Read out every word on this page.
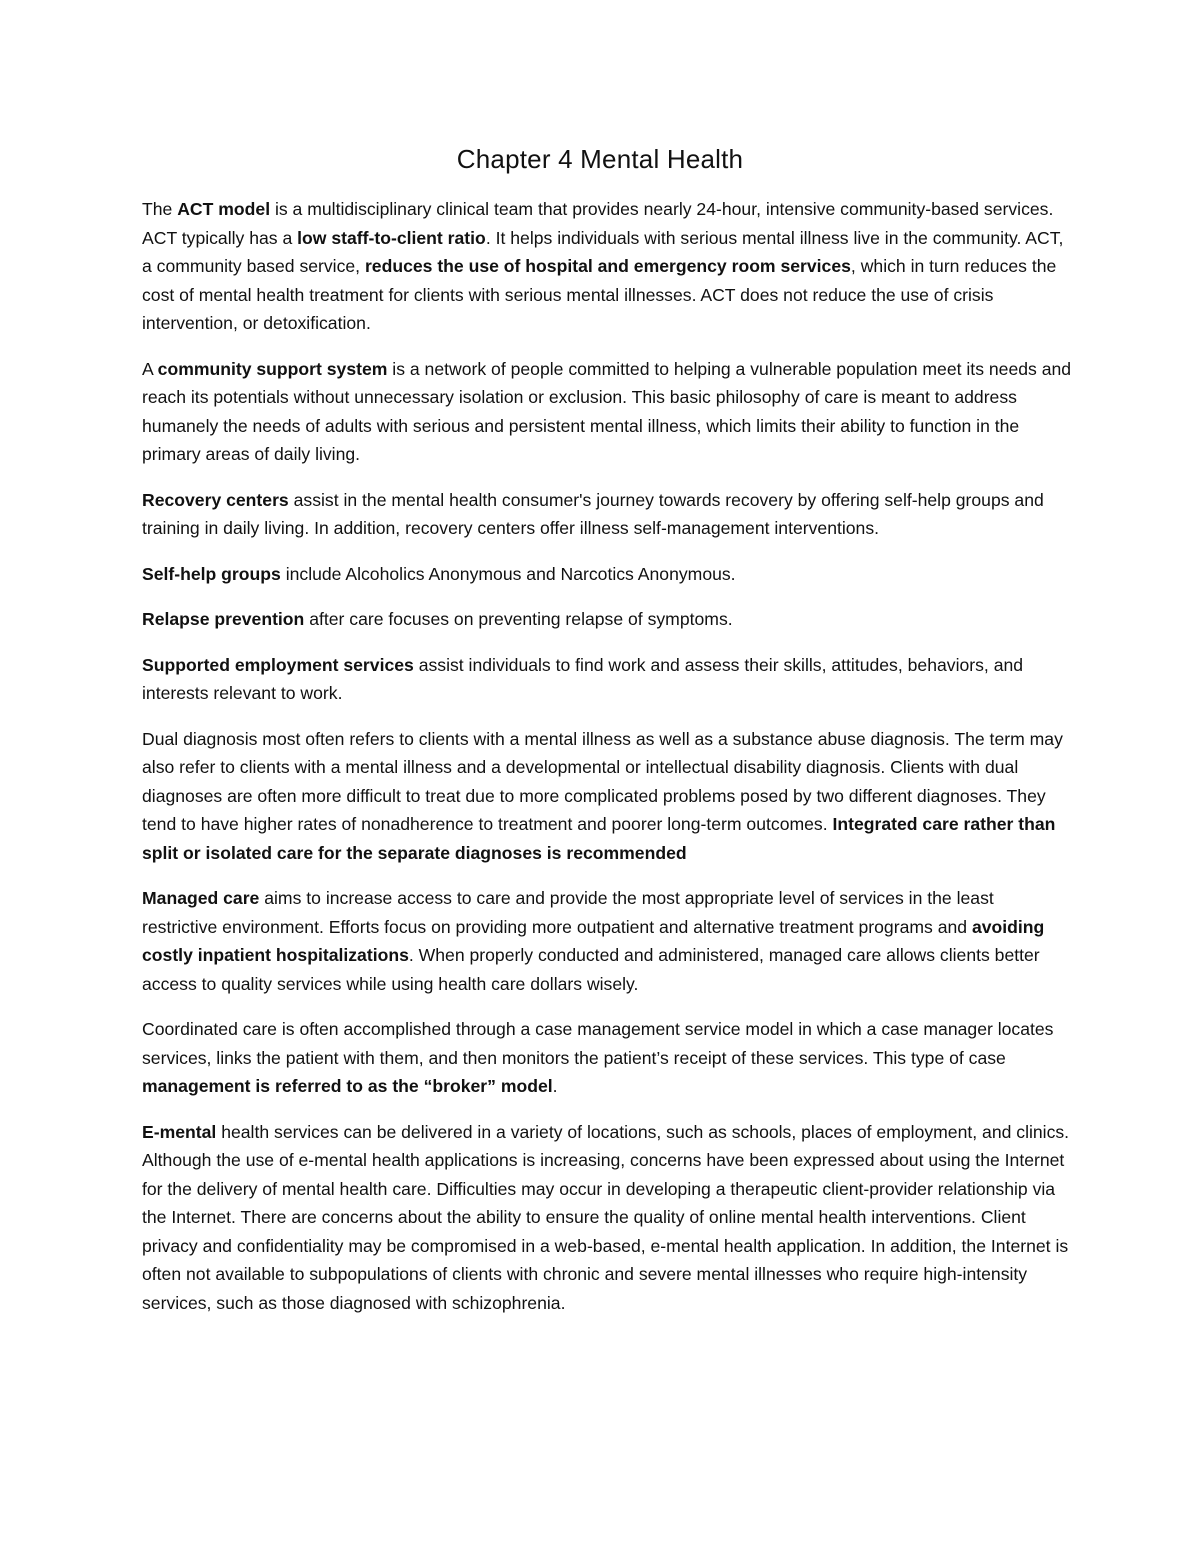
Chapter 4 Mental Health

The ACT model is a multidisciplinary clinical team that provides nearly 24-hour, intensive community-based services. ACT typically has a low staff-to-client ratio. It helps individuals with serious mental illness live in the community. ACT, a community based service, reduces the use of hospital and emergency room services, which in turn reduces the cost of mental health treatment for clients with serious mental illnesses. ACT does not reduce the use of crisis intervention, or detoxification.

A community support system is a network of people committed to helping a vulnerable population meet its needs and reach its potentials without unnecessary isolation or exclusion. This basic philosophy of care is meant to address humanely the needs of adults with serious and persistent mental illness, which limits their ability to function in the primary areas of daily living.

Recovery centers assist in the mental health consumer's journey towards recovery by offering self-help groups and training in daily living. In addition, recovery centers offer illness self-management interventions.

Self-help groups include Alcoholics Anonymous and Narcotics Anonymous.

Relapse prevention after care focuses on preventing relapse of symptoms.

Supported employment services assist individuals to find work and assess their skills, attitudes, behaviors, and interests relevant to work.

Dual diagnosis most often refers to clients with a mental illness as well as a substance abuse diagnosis. The term may also refer to clients with a mental illness and a developmental or intellectual disability diagnosis. Clients with dual diagnoses are often more difficult to treat due to more complicated problems posed by two different diagnoses. They tend to have higher rates of nonadherence to treatment and poorer long-term outcomes. Integrated care rather than split or isolated care for the separate diagnoses is recommended

Managed care aims to increase access to care and provide the most appropriate level of services in the least restrictive environment. Efforts focus on providing more outpatient and alternative treatment programs and avoiding costly inpatient hospitalizations. When properly conducted and administered, managed care allows clients better access to quality services while using health care dollars wisely.

Coordinated care is often accomplished through a case management service model in which a case manager locates services, links the patient with them, and then monitors the patient’s receipt of these services. This type of case management is referred to as the “broker” model.

E-mental health services can be delivered in a variety of locations, such as schools, places of employment, and clinics. Although the use of e-mental health applications is increasing, concerns have been expressed about using the Internet for the delivery of mental health care. Difficulties may occur in developing a therapeutic client-provider relationship via the Internet. There are concerns about the ability to ensure the quality of online mental health interventions. Client privacy and confidentiality may be compromised in a web-based, e-mental health application. In addition, the Internet is often not available to subpopulations of clients with chronic and severe mental illnesses who require high-intensity services, such as those diagnosed with schizophrenia.
